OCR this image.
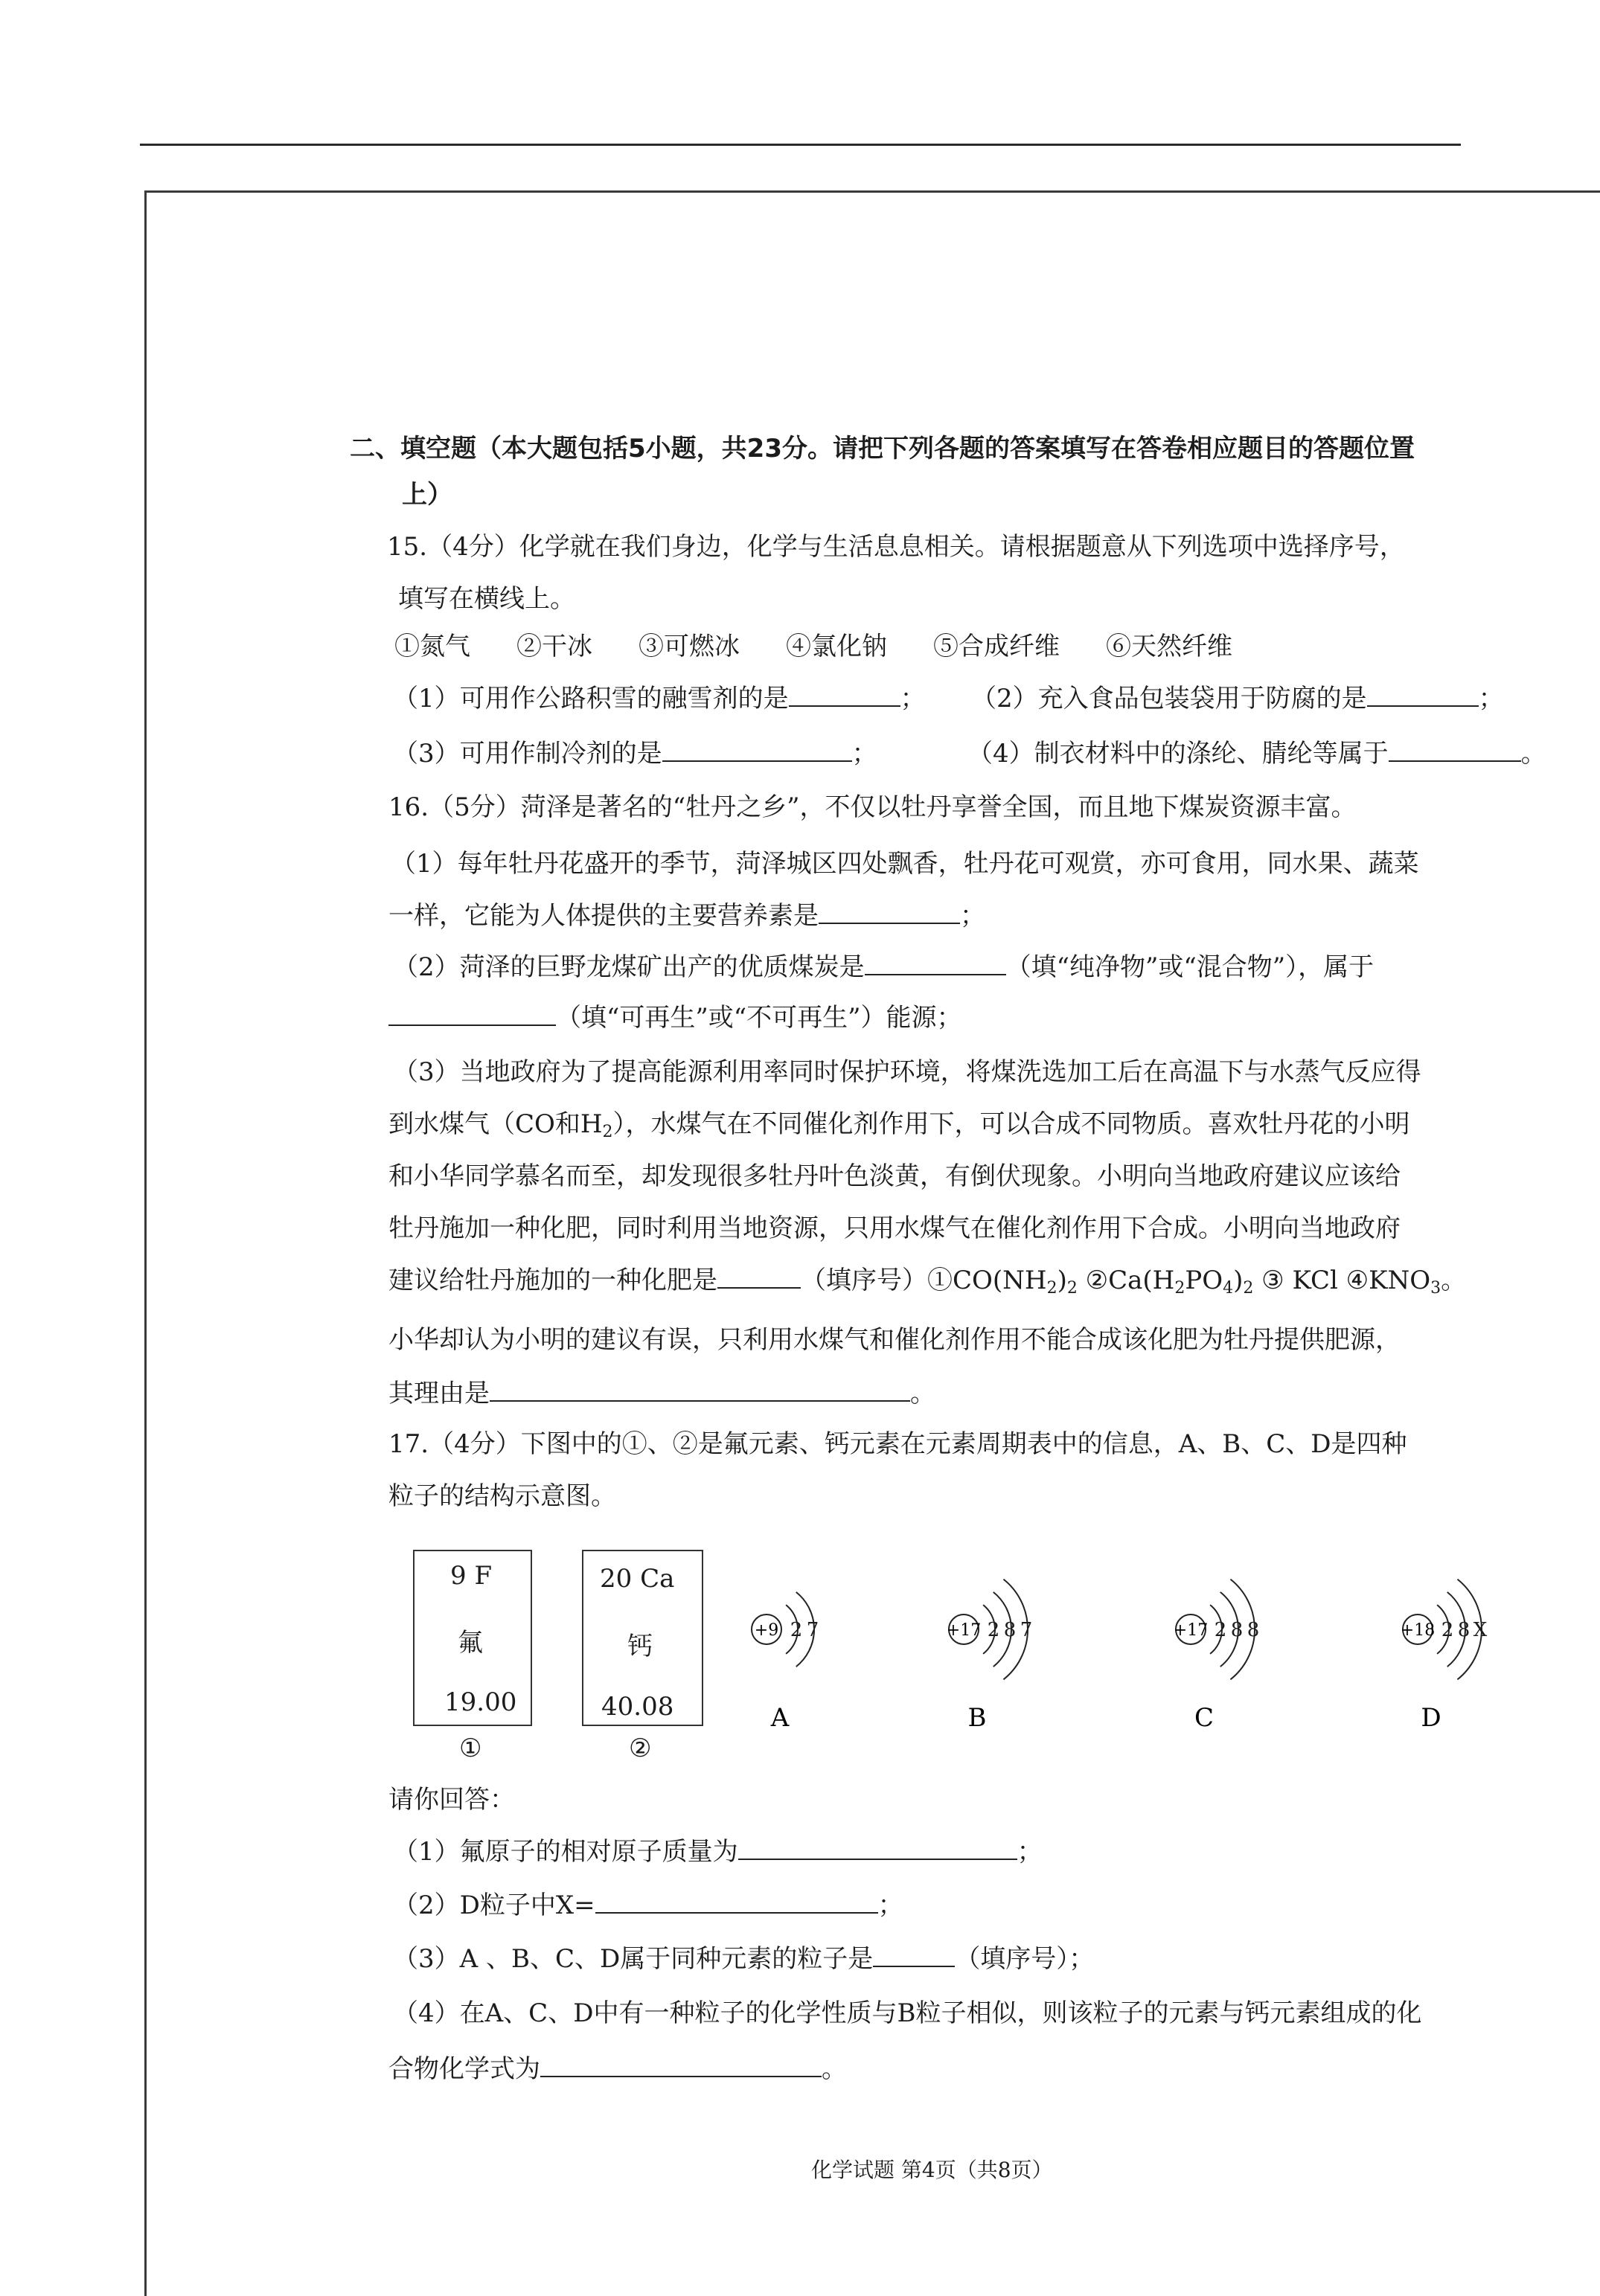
二、填空题（本大题包括5小题，共23分。请把下列各题的答案填写在答卷相应题目的答题位置
上）
15.（4分）化学就在我们身边，化学与生活息息相关。请根据题意从下列选项中选择序号，
填写在横线上。
①氮气 ②干冰 ③可燃冰 ④氯化钠 ⑤合成纤维 ⑥天然纤维
（1）可用作公路积雪的融雪剂的是	； （2）充入食品包装袋用于防腐的是	；
（3）可用作制冷剂的是	；	（4）制衣材料中的涤纶、腈纶等属于	。
16.（5分）菏泽是著名的“牡丹之乡”，不仅以牡丹享誉全国，而且地下煤炭资源丰富。
（1）每年牡丹花盛开的季节，菏泽城区四处飘香，牡丹花可观赏，亦可食用，同水果、蔬菜
一样，它能为人体提供的主要营养素是	；
（2）菏泽的巨野龙煤矿出产的优质煤炭是	（填“纯净物”或“混合物”），属于
（填“可再生”或“不可再生”）能源；
（3）当地政府为了提高能源利用率同时保护环境，将煤洗选加工后在高温下与水蒸气反应得
到水煤气（CO和$H_2$），水煤气在不同催化剂作用下，可以合成不同物质。喜欢牡丹花的小明
和小华同学慕名而至，却发现很多牡丹叶色淡黄，有倒伏现象。小明向当地政府建议应该给
牡丹施加一种化肥，同时利用当地资源，只用水煤气在催化剂作用下合成。小明向当地政府
建议给牡丹施加的一种化肥是	（填序号）$①CO(NH_2)_2$ $②Ca(H_2PO_4)_2$ ③ KCl $④KNO_3$。
小华却认为小明的建议有误，只利用水煤气和催化剂作用不能合成该化肥为牡丹提供肥源，
其理由是	。
17.（4分）下图中的①、②是氟元素、钙元素在元素周期表中的信息，A、B、C、D是四种
粒子的结构示意图。
9 F
氟
19.00
①
20 Ca
钙
40.08
②
+9 2 7
A
+17 2 8 7
B
+17 2 8 8
C
+18 2 8 X
D
请你回答：
（1）氟原子的相对原子质量为	；
（2）D粒子中X=	；
（3）A 、B、C、D属于同种元素的粒子是	（填序号）；
（4）在A、C、D中有一种粒子的化学性质与B粒子相似，则该粒子的元素与钙元素组成的化
合物化学式为	。
化学试题 第4页（共8页）
